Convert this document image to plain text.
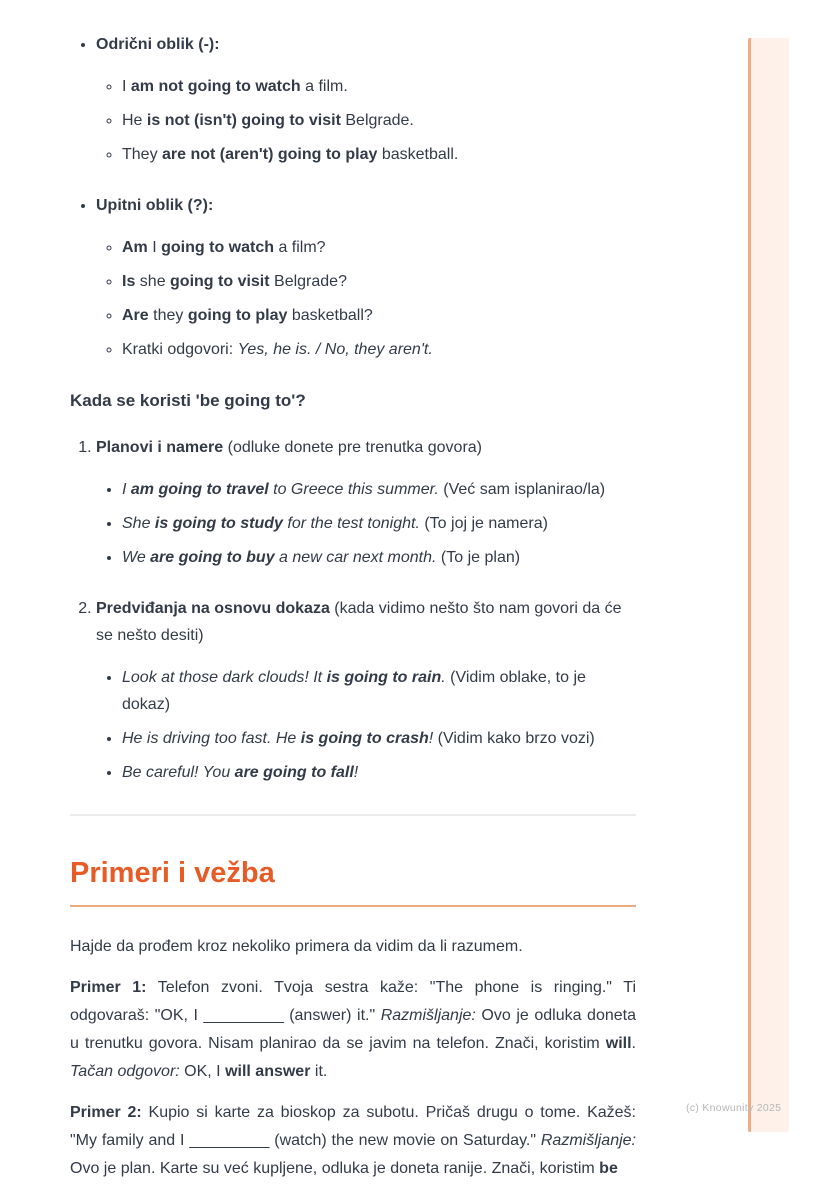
(c) Knowunity 2025
• Odrični oblik (-):
◦ I am not going to watch a film.
◦ He is not (isn't) going to visit Belgrade.
◦ They are not (aren't) going to play basketball.
• Upitni oblik (?):
◦ Am I going to watch a film?
◦ Is she going to visit Belgrade?
◦ Are they going to play basketball?
◦ Kratki odgovori: Yes, he is. / No, they aren't.
Kada se koristi 'be going to'?
1. Planovi i namere (odluke donete pre trenutka govora)
• I am going to travel to Greece this summer. (Već sam isplanirao/la)
• She is going to study for the test tonight. (To joj je namera)
• We are going to buy a new car next month. (To je plan)
2. Predviđanja na osnovu dokaza (kada vidimo nešto što nam govori da će se nešto desiti)
• Look at those dark clouds! It is going to rain. (Vidim oblake, to je dokaz)
• He is driving too fast. He is going to crash! (Vidim kako brzo vozi)
• Be careful! You are going to fall!
Primeri i vežba

Hajde da prođem kroz nekoliko primera da vidim da li razumem.

Primer 1: Telefon zvoni. Tvoja sestra kaže: "The phone is ringing." Ti odgovaraš: "OK, I _________ (answer) it." Razmišljanje: Ovo je odluka doneta u trenutku govora. Nisam planirao da se javim na telefon. Znači, koristim will. Tačan odgovor: OK, I will answer it.

Primer 2: Kupio si karte za bioskop za subotu. Pričaš drugu o tome. Kažeš: "My family and I _________ (watch) the new movie on Saturday." Razmišljanje: Ovo je plan. Karte su već kupljene, odluka je doneta ranije. Znači, koristim be
